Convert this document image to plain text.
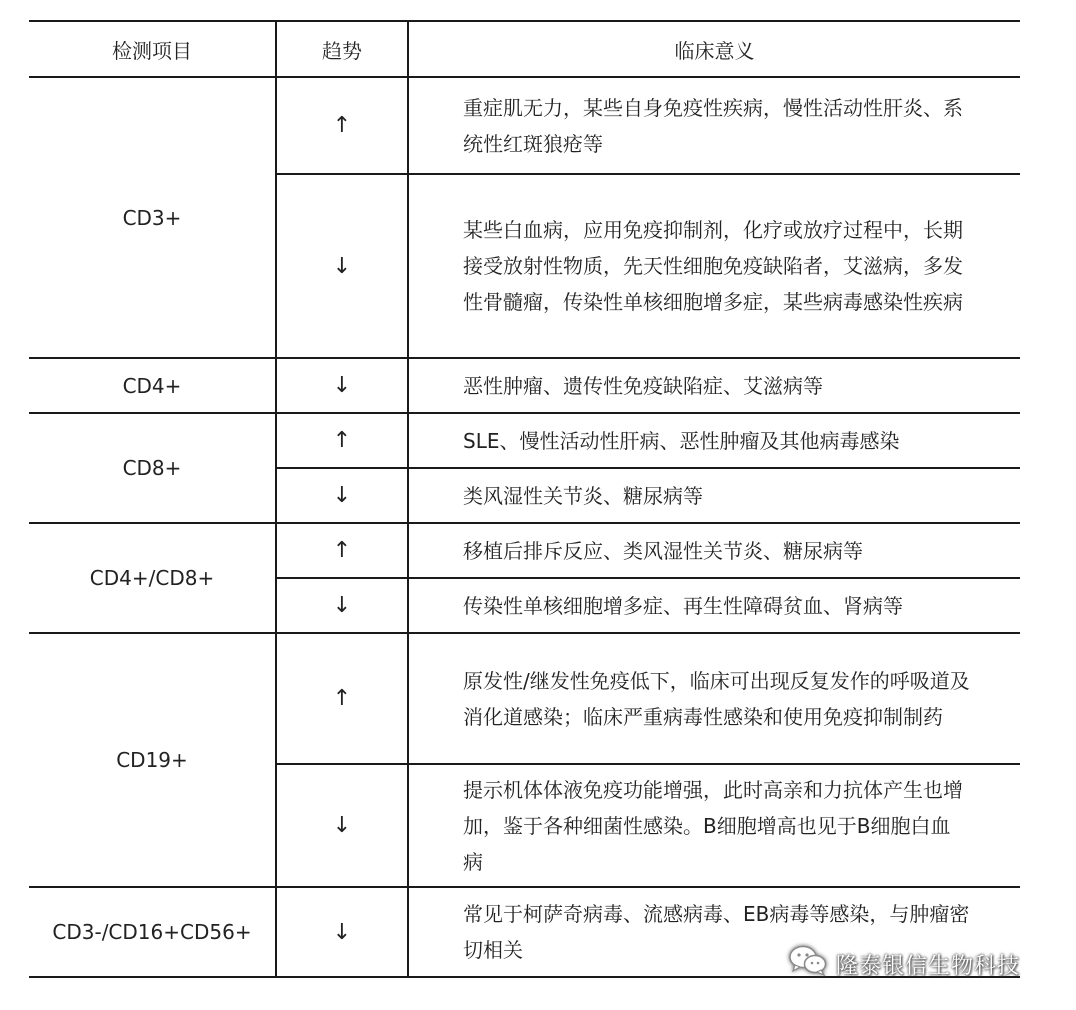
检测项目	趋势	临床意义
CD3+	↑	重症肌无力，某些自身免疫性疾病，慢性活动性肝炎、系统性红斑狼疮等
	↓	某些白血病，应用免疫抑制剂，化疗或放疗过程中，长期接受放射性物质，先天性细胞免疫缺陷者，艾滋病，多发性骨髓瘤，传染性单核细胞增多症，某些病毒感染性疾病
CD4+	↓	恶性肿瘤、遗传性免疫缺陷症、艾滋病等
CD8+	↑	SLE、慢性活动性肝病、恶性肿瘤及其他病毒感染
	↓	类风湿性关节炎、糖尿病等
CD4+/CD8+	↑	移植后排斥反应、类风湿性关节炎、糖尿病等
	↓	传染性单核细胞增多症、再生性障碍贫血、肾病等
CD19+	↑	原发性/继发性免疫低下，临床可出现反复发作的呼吸道及消化道感染；临床严重病毒性感染和使用免疫抑制制药
	↓	提示机体体液免疫功能增强，此时高亲和力抗体产生也增加，鉴于各种细菌性感染。B细胞增高也见于B细胞白血病
CD3-/CD16+CD56+	↓	常见于柯萨奇病毒、流感病毒、EB病毒等感染，与肿瘤密切相关
隆泰银信生物科技
